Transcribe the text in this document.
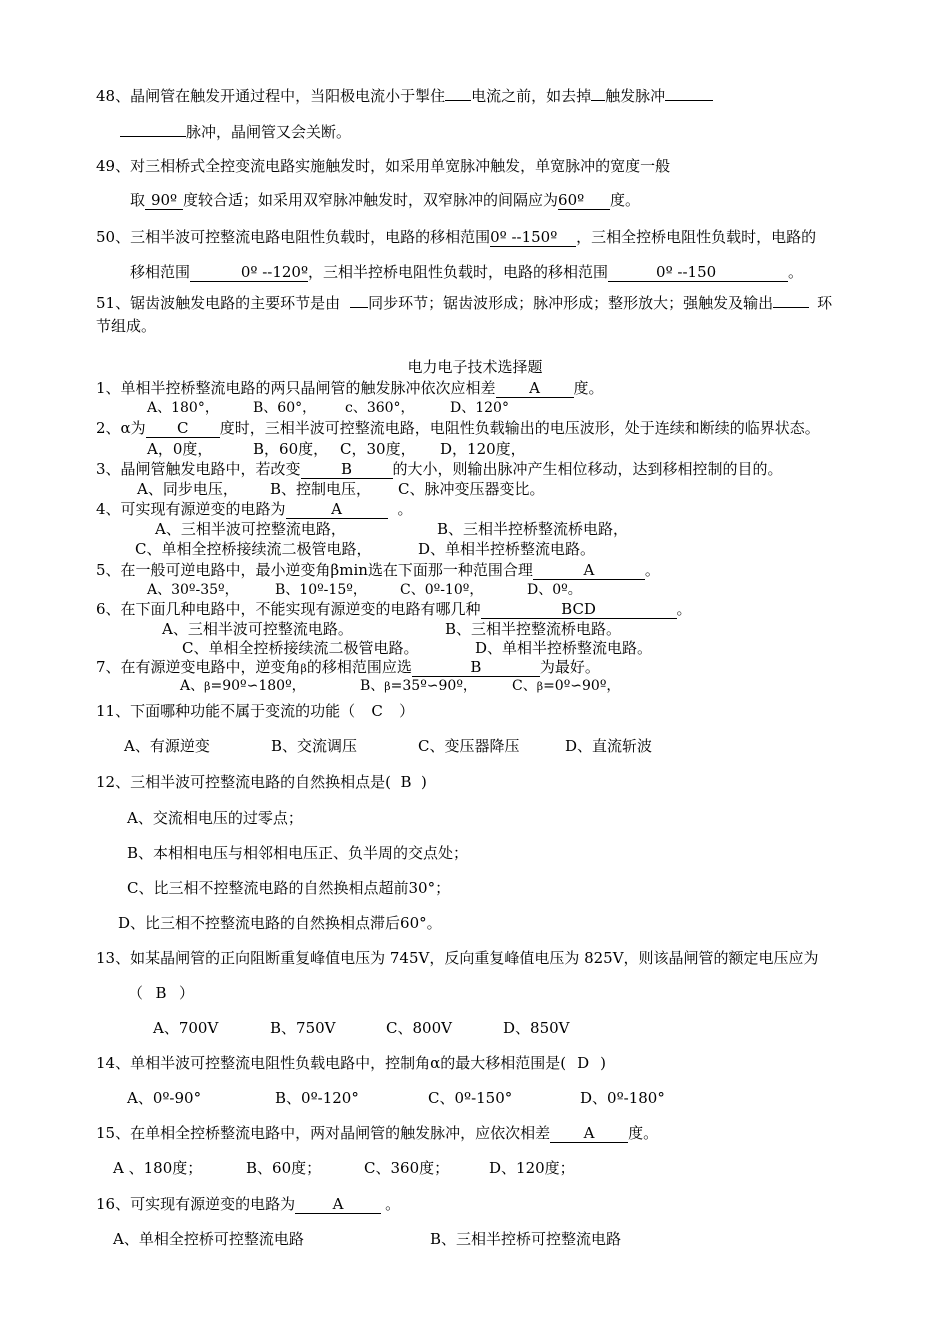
48、晶闸管在触发开通过程中，当阳极电流小于掣住 电流之前，如去掉 触发脉冲
脉冲，晶闸管又会关断。
49、对三相桥式全控变流电路实施触发时，如采用单宽脉冲触发，单宽脉冲的宽度一般
取 90º 度较合适；如采用双窄脉冲触发时，双窄脉冲的间隔应为60º 度。
50、三相半波可控整流电路电阻性负载时，电路的移相范围0º --150º ，三相全控桥电阻性负载时，电路的
移相范围	0º --120º，三相半控桥电阻性负载时，电路的移相范围	0º --150	。
51、锯齿波触发电路的主要环节是由 同步环节；锯齿波形成；脉冲形成；整形放大；强触发及输出	环
节组成。
电力电子技术选择题
1、单相半控桥整流电路的两只晶闸管的触发脉冲依次应相差 A 度。
A、180°， B、60°， c、360°，	D、120°
2、α为 C 度时，三相半波可控整流电路，电阻性负载输出的电压波形，处于连续和断续的临界状态。
A，0度，	B，60度， C，30度， D，120度，
3、晶闸管触发电路中，若改变	B	的大小，则输出脉冲产生相位移动，达到移相控制的目的。
A、同步电压， B、控制电压， C、脉冲变压器变比。
4、可实现有源逆变的电路为	A	。
A、三相半波可控整流电路，	B、三相半控桥整流桥电路，
C、单相全控桥接续流二极管电路，	D、单相半控桥整流电路。
5、在一般可逆电路中，最小逆变角βmin选在下面那一种范围合理	A	。
A、30º-35º，	B、10º-15º， C、0º-10º，	D、0º。
6、在下面几种电路中，不能实现有源逆变的电路有哪几种	BCD	。
A、三相半波可控整流电路。	B、三相半控整流桥电路。
C、单相全控桥接续流二极管电路。	D、单相半控桥整流电路。
7、在有源逆变电路中，逆变角β的移相范围应选	B	为最好。
A、β=90º∽180º，	B、β=35º∽90º，	C、β=0º∽90º，
11、下面哪种功能不属于变流的功能（ C ）
A、有源逆变	B、交流调压	C、变压器降压	D、直流斩波
12、三相半波可控整流电路的自然换相点是( B )
A、交流相电压的过零点；
B、本相相电压与相邻相电压正、负半周的交点处；
C、比三相不控整流电路的自然换相点超前30°；
D、比三相不控整流电路的自然换相点滞后60°。
13、如某晶闸管的正向阻断重复峰值电压为 745V，反向重复峰值电压为 825V，则该晶闸管的额定电压应为
（ B ）
A、700V	B、750V	C、800V	D、850V
14、单相半波可控整流电阻性负载电路中，控制角α的最大移相范围是( D )
A、0º-90°	B、0º-120°	C、0º-150°	D、0º-180°
15、在单相全控桥整流电路中，两对晶闸管的触发脉冲，应依次相差 A 度。
A 、180度；	B、60度；	C、360度；	D、120度；
16、可实现有源逆变的电路为	A	。
A、单相全控桥可控整流电路	B、三相半控桥可控整流电路
